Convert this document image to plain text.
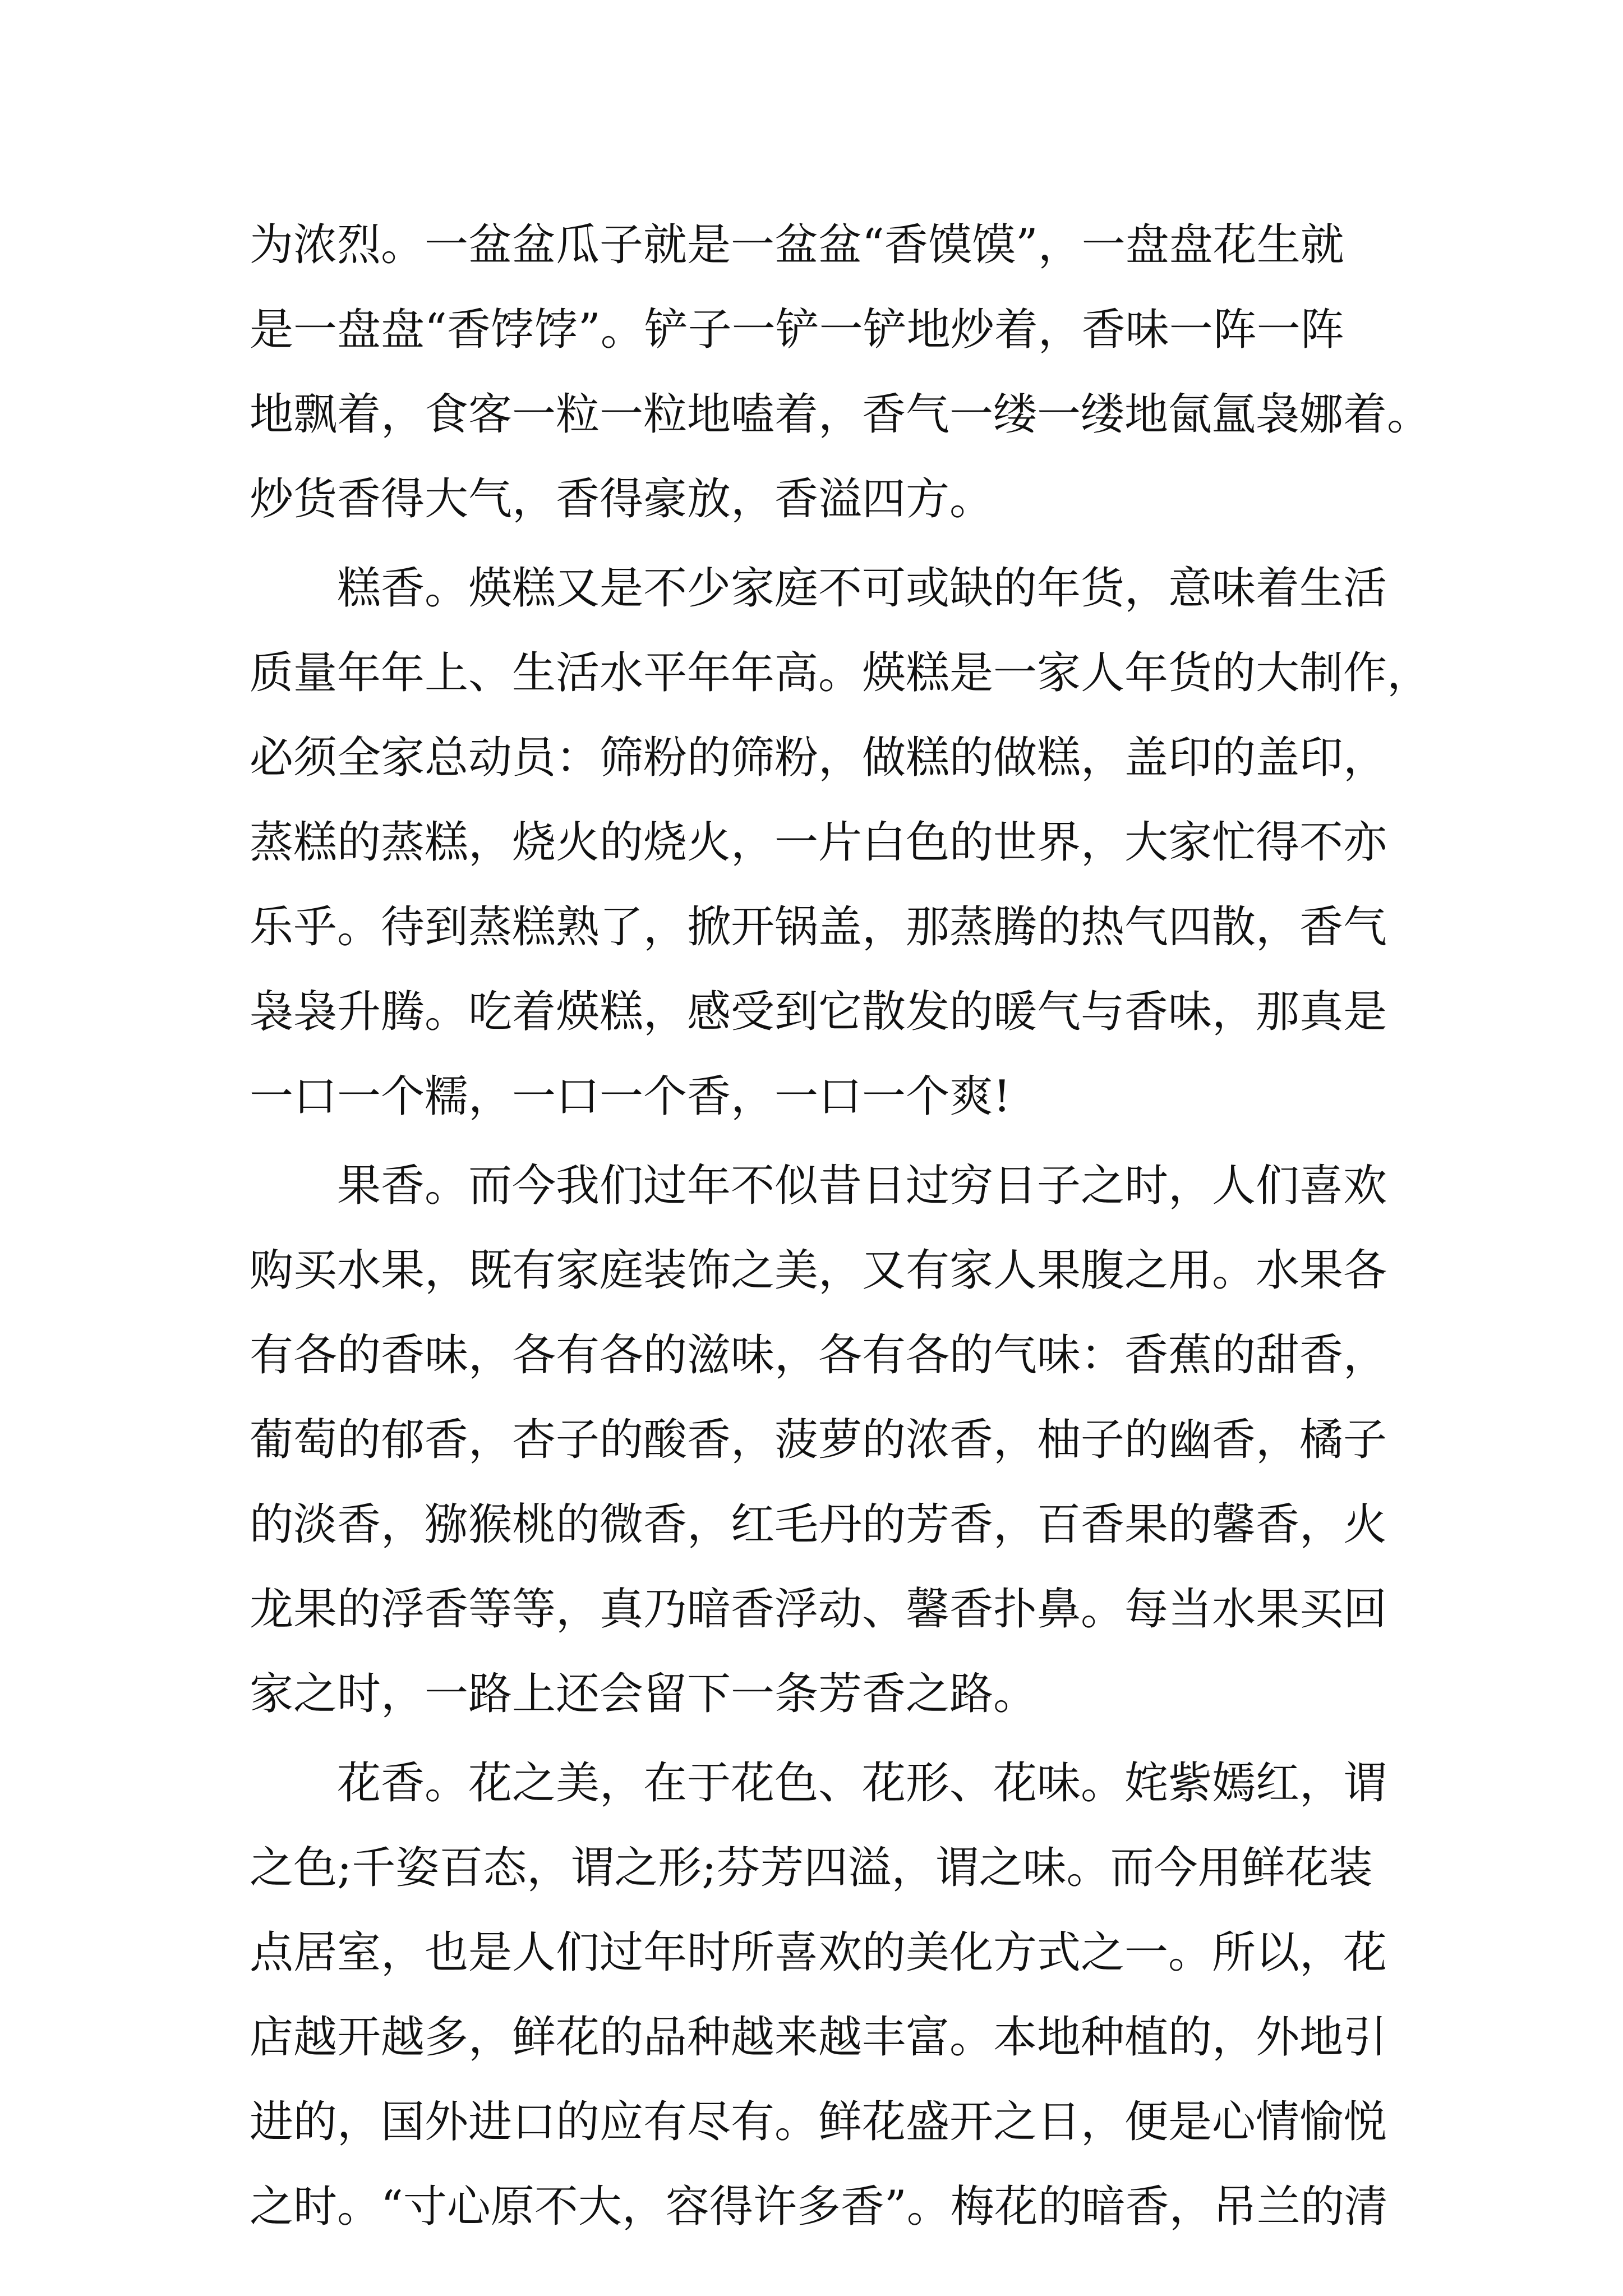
为浓烈。一盆盆瓜子就是一盆盆“香馍馍”，一盘盘花生就
是一盘盘“香饽饽”。铲子一铲一铲地炒着，香味一阵一阵
地飘着，食客一粒一粒地嗑着，香气一缕一缕地氤氲袅娜着。
炒货香得大气，香得豪放，香溢四方。
　　糕香。煐糕又是不少家庭不可或缺的年货，意味着生活
质量年年上、生活水平年年高。煐糕是一家人年货的大制作，
必须全家总动员：筛粉的筛粉，做糕的做糕，盖印的盖印，
蒸糕的蒸糕，烧火的烧火，一片白色的世界，大家忙得不亦
乐乎。待到蒸糕熟了，掀开锅盖，那蒸腾的热气四散，香气
袅袅升腾。吃着煐糕，感受到它散发的暖气与香味，那真是
一口一个糯，一口一个香，一口一个爽!
　　果香。而今我们过年不似昔日过穷日子之时，人们喜欢
购买水果，既有家庭装饰之美，又有家人果腹之用。水果各
有各的香味，各有各的滋味，各有各的气味：香蕉的甜香，
葡萄的郁香，杏子的酸香，菠萝的浓香，柚子的幽香，橘子
的淡香，猕猴桃的微香，红毛丹的芳香，百香果的馨香，火
龙果的浮香等等，真乃暗香浮动、馨香扑鼻。每当水果买回
家之时，一路上还会留下一条芳香之路。
　　花香。花之美，在于花色、花形、花味。姹紫嫣红，谓
之色;千姿百态，谓之形;芬芳四溢，谓之味。而今用鲜花装
点居室，也是人们过年时所喜欢的美化方式之一。所以，花
店越开越多，鲜花的品种越来越丰富。本地种植的，外地引
进的，国外进口的应有尽有。鲜花盛开之日，便是心情愉悦
之时。“寸心原不大，容得许多香”。梅花的暗香，吊兰的清
